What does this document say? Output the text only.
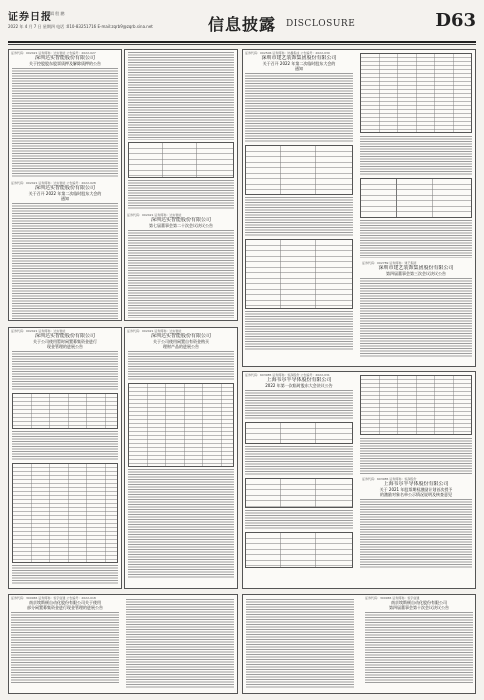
证券日报
编辑 殷 鹏
2022 年 4 月 7 日 星期四 电话 :010-83251716 E-mail:zqrb9@zqrb.sina.net	信息披露 DISCLOSURE	D63
证券代码：002421 证券简称：达实智能 公告编号：2022-027
深圳达实智能股份有限公司
关于控股股东股票质押及解除质押的公告
证券代码：002421 证券简称：达实智能 公告编号：2022-028
深圳达实智能股份有限公司
关于召开 2022 年第二次临时股东大会的
通知
证券代码：002421 证券简称：达实智能
深圳达实智能股份有限公司
第七届董事会第二十次会议决议公告
证券代码：002506 证券简称：协鑫集成 公告编号：2022-030
深圳市建艺装饰集团股份有限公司
关于召开 2022 年第二次临时股东大会的
通知
证券代码：002789 证券简称：建艺集团
深圳市建艺装饰集团股份有限公司
第四届董事会第三次会议决议公告
证券代码：002421 证券简称：达实智能
深圳达实智能股份有限公司
关于公司使用暂时闲置募集资金进行
现金管理的进展公告
证券代码：002421 证券简称：达实智能
深圳达实智能股份有限公司
关于公司使用闲置自有资金购买
理财产品的进展公告
证券代码：603985 证券简称：恒润股份 公告编号：2022-031
上海韦尔半导体股份有限公司
2022 年第一次临时股东大会决议公告
证券代码：603985 证券简称：恒润股份
上海韦尔半导体股份有限公司
关于 2021 年股票期权激励计划首次授予
的激励对象名单公示情况说明及核查意见
证券代码：300965 证券简称：恒宇信通 公告编号：2022-018
南京埃斯顿自动化股份有限公司关于使用
部分闲置募集资金进行现金管理的进展公告
证券代码：300965 证券简称：恒宇信通
南京埃斯顿自动化股份有限公司
第四届董事会第十次会议决议公告
